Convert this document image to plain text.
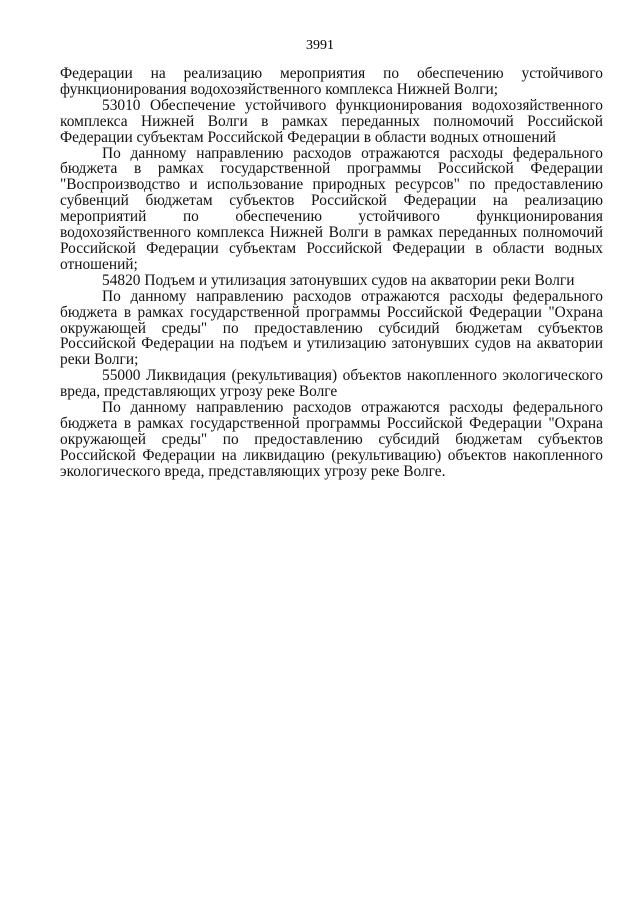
3991

Федерации на реализацию мероприятия по обеспечению устойчивого функционирования водохозяйственного комплекса Нижней Волги;

53010 Обеспечение устойчивого функционирования водохозяйственного комплекса Нижней Волги в рамках переданных полномочий Российской Федерации субъектам Российской Федерации в области водных отношений

По данному направлению расходов отражаются расходы федерального бюджета в рамках государственной программы Российской Федерации "Воспроизводство и использование природных ресурсов" по предоставлению субвенций бюджетам субъектов Российской Федерации на реализацию мероприятий по обеспечению устойчивого функционирования водохозяйственного комплекса Нижней Волги в рамках переданных полномочий Российской Федерации субъектам Российской Федерации в области водных отношений;

54820 Подъем и утилизация затонувших судов на акватории реки Волги

По данному направлению расходов отражаются расходы федерального бюджета в рамках государственной программы Российской Федерации "Охрана окружающей среды" по предоставлению субсидий бюджетам субъектов Российской Федерации на подъем и утилизацию затонувших судов на акватории реки Волги;

55000 Ликвидация (рекультивация) объектов накопленного экологического вреда, представляющих угрозу реке Волге

По данному направлению расходов отражаются расходы федерального бюджета в рамках государственной программы Российской Федерации "Охрана окружающей среды" по предоставлению субсидий бюджетам субъектов Российской Федерации на ликвидацию (рекультивацию) объектов накопленного экологического вреда, представляющих угрозу реке Волге.
